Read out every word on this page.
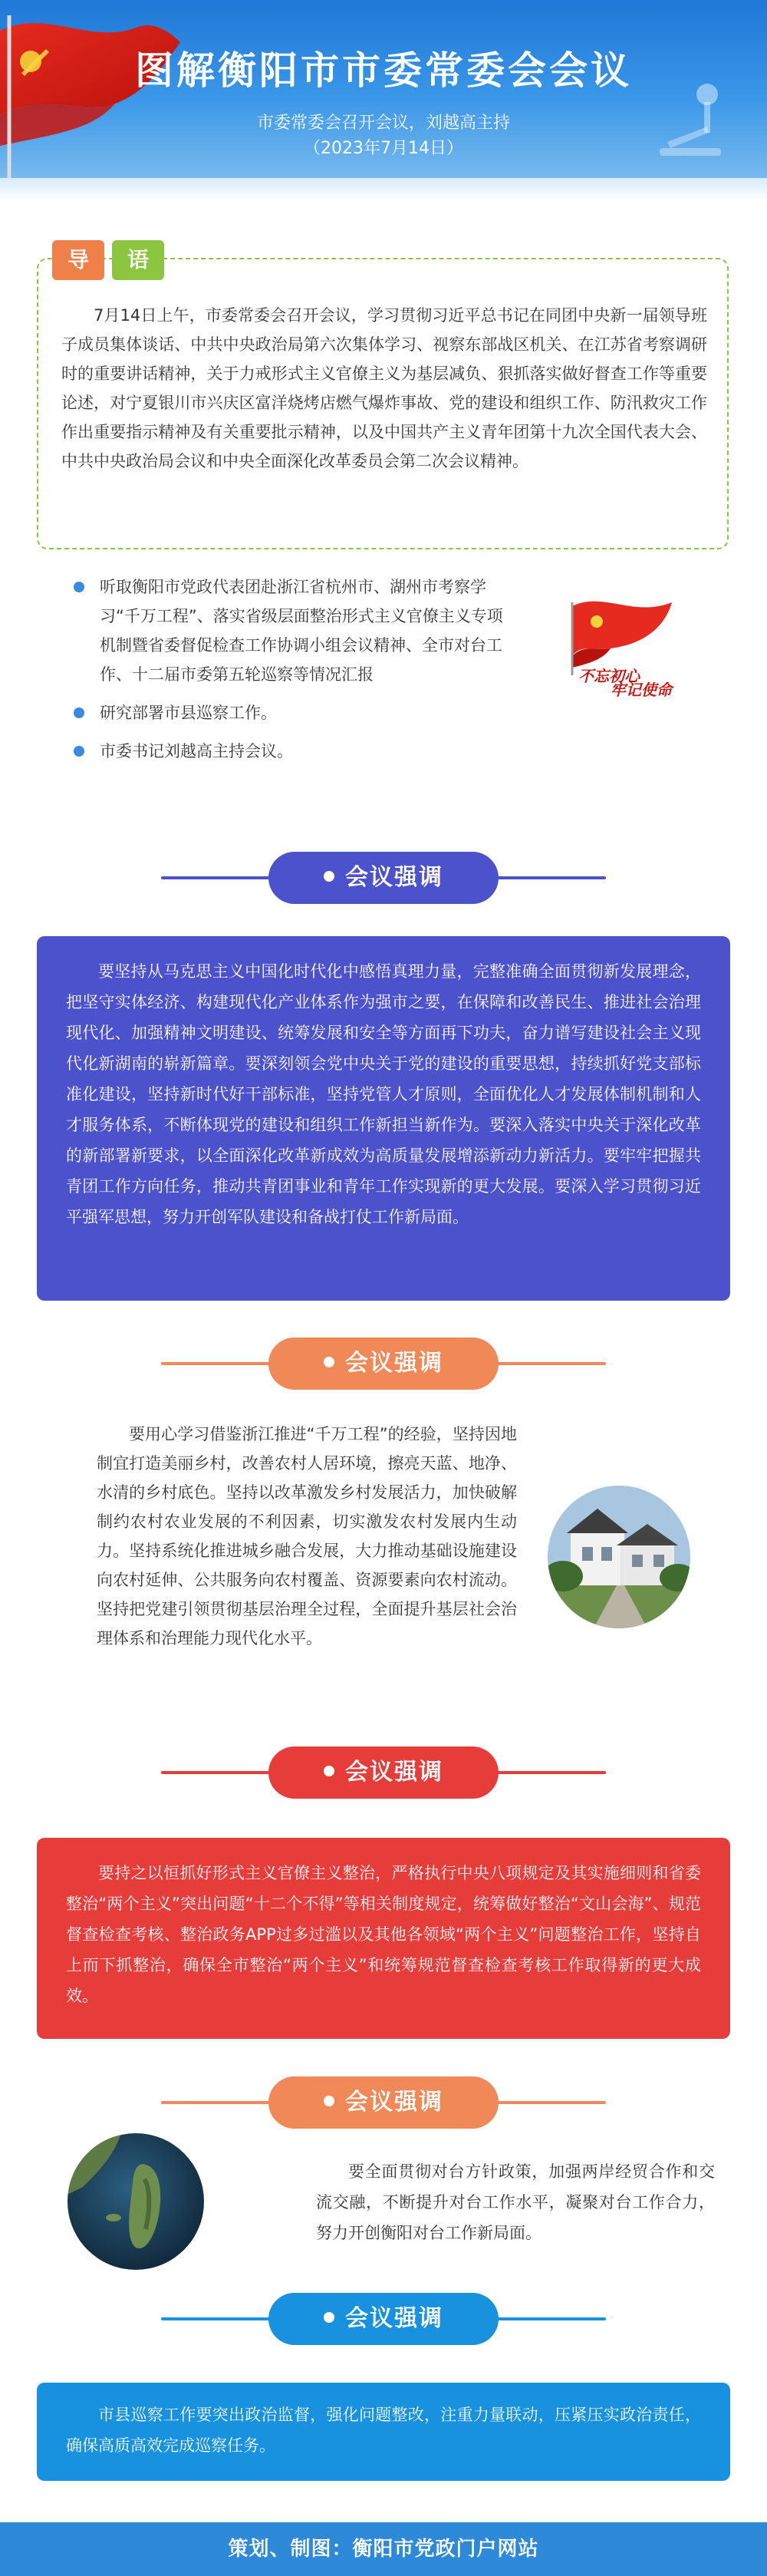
图解衡阳市市委常委会会议
市委常委会召开会议，刘越高主持
（2023年7月14日）
导	语
7月14日上午，市委常委会召开会议，学习贯彻习近平总书记在同团中央新一届领导班子成员集体谈话、中共中央政治局第六次集体学习、视察东部战区机关、在江苏省考察调研时的重要讲话精神，关于力戒形式主义官僚主义为基层减负、狠抓落实做好督查工作等重要论述，对宁夏银川市兴庆区富洋烧烤店燃气爆炸事故、党的建设和组织工作、防汛救灾工作作出重要指示精神及有关重要批示精神，以及中国共产主义青年团第十九次全国代表大会、中共中央政治局会议和中央全面深化改革委员会第二次会议精神。
听取衡阳市党政代表团赴浙江省杭州市、湖州市考察学习“千万工程”、落实省级层面整治形式主义官僚主义专项机制暨省委督促检查工作协调小组会议精神、全市对台工作、十二届市委第五轮巡察等情况汇报
研究部署市县巡察工作。
市委书记刘越高主持会议。
不忘初心
牢记使命
会议强调
要坚持从马克思主义中国化时代化中感悟真理力量，完整准确全面贯彻新发展理念，把坚守实体经济、构建现代化产业体系作为强市之要，在保障和改善民生、推进社会治理现代化、加强精神文明建设、统筹发展和安全等方面再下功夫，奋力谱写建设社会主义现代化新湖南的崭新篇章。要深刻领会党中央关于党的建设的重要思想，持续抓好党支部标准化建设，坚持新时代好干部标准，坚持党管人才原则，全面优化人才发展体制机制和人才服务体系，不断体现党的建设和组织工作新担当新作为。要深入落实中央关于深化改革的新部署新要求，以全面深化改革新成效为高质量发展增添新动力新活力。要牢牢把握共青团工作方向任务，推动共青团事业和青年工作实现新的更大发展。要深入学习贯彻习近平强军思想，努力开创军队建设和备战打仗工作新局面。
会议强调
要用心学习借鉴浙江推进“千万工程”的经验，坚持因地制宜打造美丽乡村，改善农村人居环境，擦亮天蓝、地净、水清的乡村底色。坚持以改革激发乡村发展活力，加快破解制约农村农业发展的不利因素，切实激发农村发展内生动力。坚持系统化推进城乡融合发展，大力推动基础设施建设向农村延伸、公共服务向农村覆盖、资源要素向农村流动。坚持把党建引领贯彻基层治理全过程，全面提升基层社会治理体系和治理能力现代化水平。
会议强调
要持之以恒抓好形式主义官僚主义整治，严格执行中央八项规定及其实施细则和省委整治“两个主义”突出问题“十二个不得”等相关制度规定，统筹做好整治“文山会海”、规范督查检查考核、整治政务APP过多过滥以及其他各领域“两个主义”问题整治工作，坚持自上而下抓整治，确保全市整治“两个主义”和统筹规范督查检查考核工作取得新的更大成效。
会议强调
要全面贯彻对台方针政策，加强两岸经贸合作和交流交融，不断提升对台工作水平，凝聚对台工作合力，努力开创衡阳对台工作新局面。
会议强调
市县巡察工作要突出政治监督，强化问题整改，注重力量联动，压紧压实政治责任，确保高质高效完成巡察任务。
策划、制图：衡阳市党政门户网站
